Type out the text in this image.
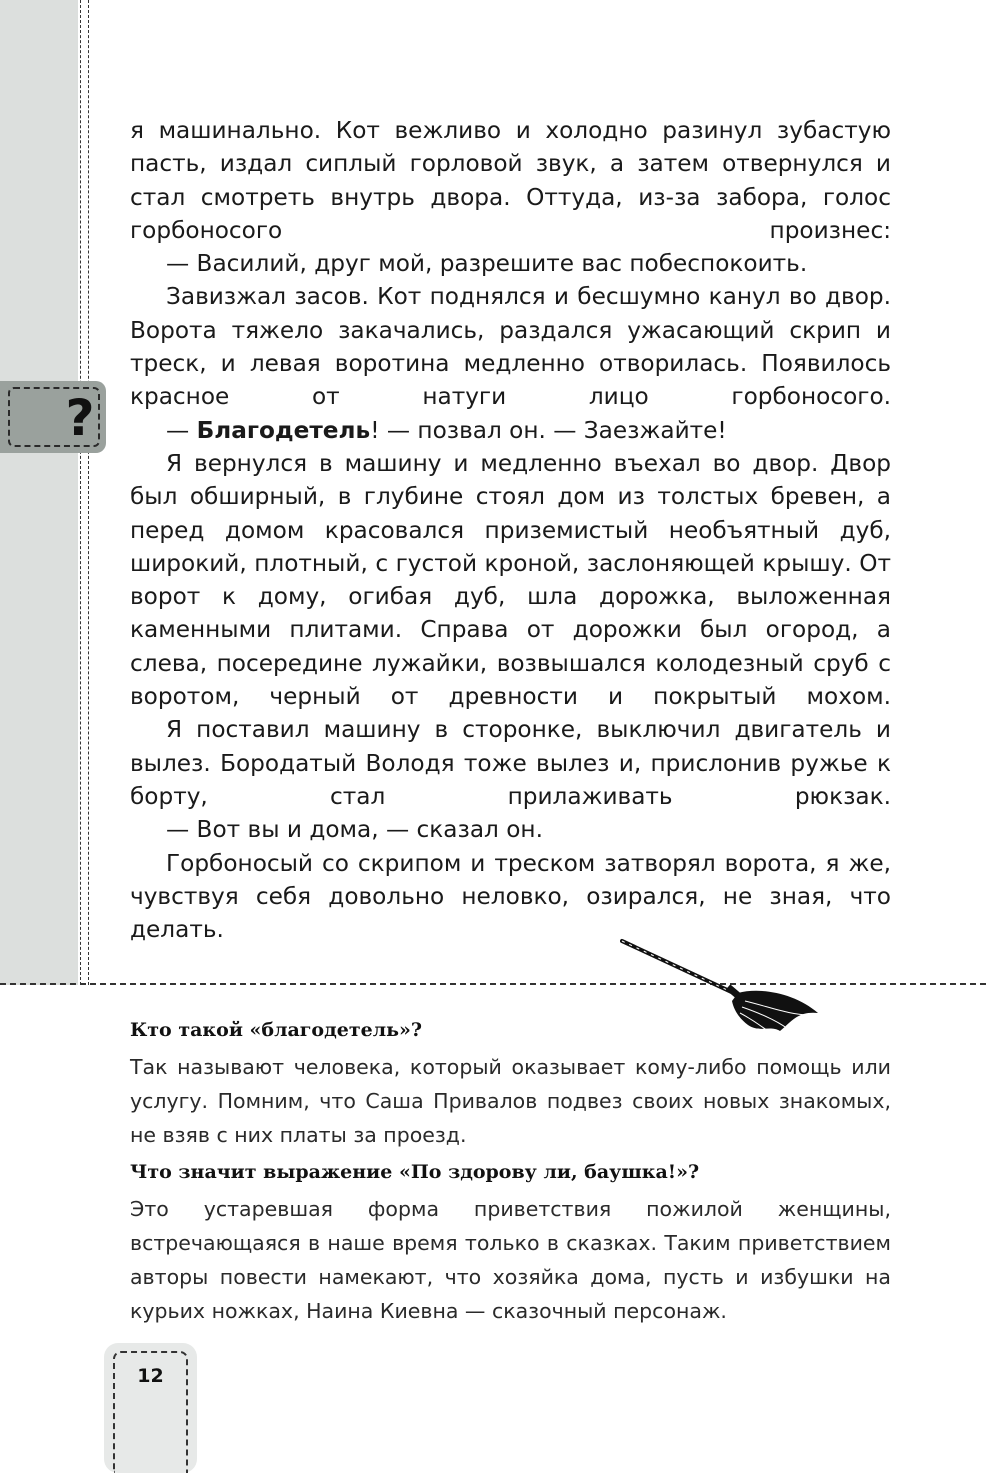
?

я машинально. Кот вежливо и холодно разинул зубастую пасть, издал сиплый горловой звук, а затем отвернулся и стал смотреть внутрь двора. Оттуда, из-за забора, голос горбоносого произнес:

— Василий, друг мой, разрешите вас побеспокоить.

Завизжал засов. Кот поднялся и бесшумно канул во двор. Ворота тяжело закачались, раздался ужасающий скрип и треск, и левая воротина медленно отворилась. Появилось красное от натуги лицо горбоносого.

— Благодетель! — позвал он. — Заезжайте!

Я вернулся в машину и медленно въехал во двор. Двор был обширный, в глубине стоял дом из толстых бревен, а перед домом красовался приземистый необъятный дуб, широкий, плотный, с густой кроной, заслоняющей крышу. От ворот к дому, огибая дуб, шла дорожка, выложенная каменными плитами. Справа от дорожки был огород, а слева, посередине лужайки, возвышался колодезный сруб с воротом, черный от древности и покрытый мохом.

Я поставил машину в сторонке, выключил двигатель и вылез. Бородатый Володя тоже вылез и, прислонив ружье к борту, стал прилаживать рюкзак.

— Вот вы и дома, — сказал он.

Горбоносый со скрипом и треском затворял ворота, я же, чувствуя себя довольно неловко, озирался, не зная, что делать.

Кто такой «благодетель»?

Так называют человека, который оказывает кому-либо помощь или услугу. Помним, что Саша Привалов подвез своих новых знакомых, не взяв с них платы за проезд.

Что значит выражение «По здорову ли, баушка!»?

Это устаревшая форма приветствия пожилой женщины, встречающаяся в наше время только в сказках. Таким приветствием авторы повести намекают, что хозяйка дома, пусть и избушки на курьих ножках, Наина Киевна — сказочный персонаж.

12
